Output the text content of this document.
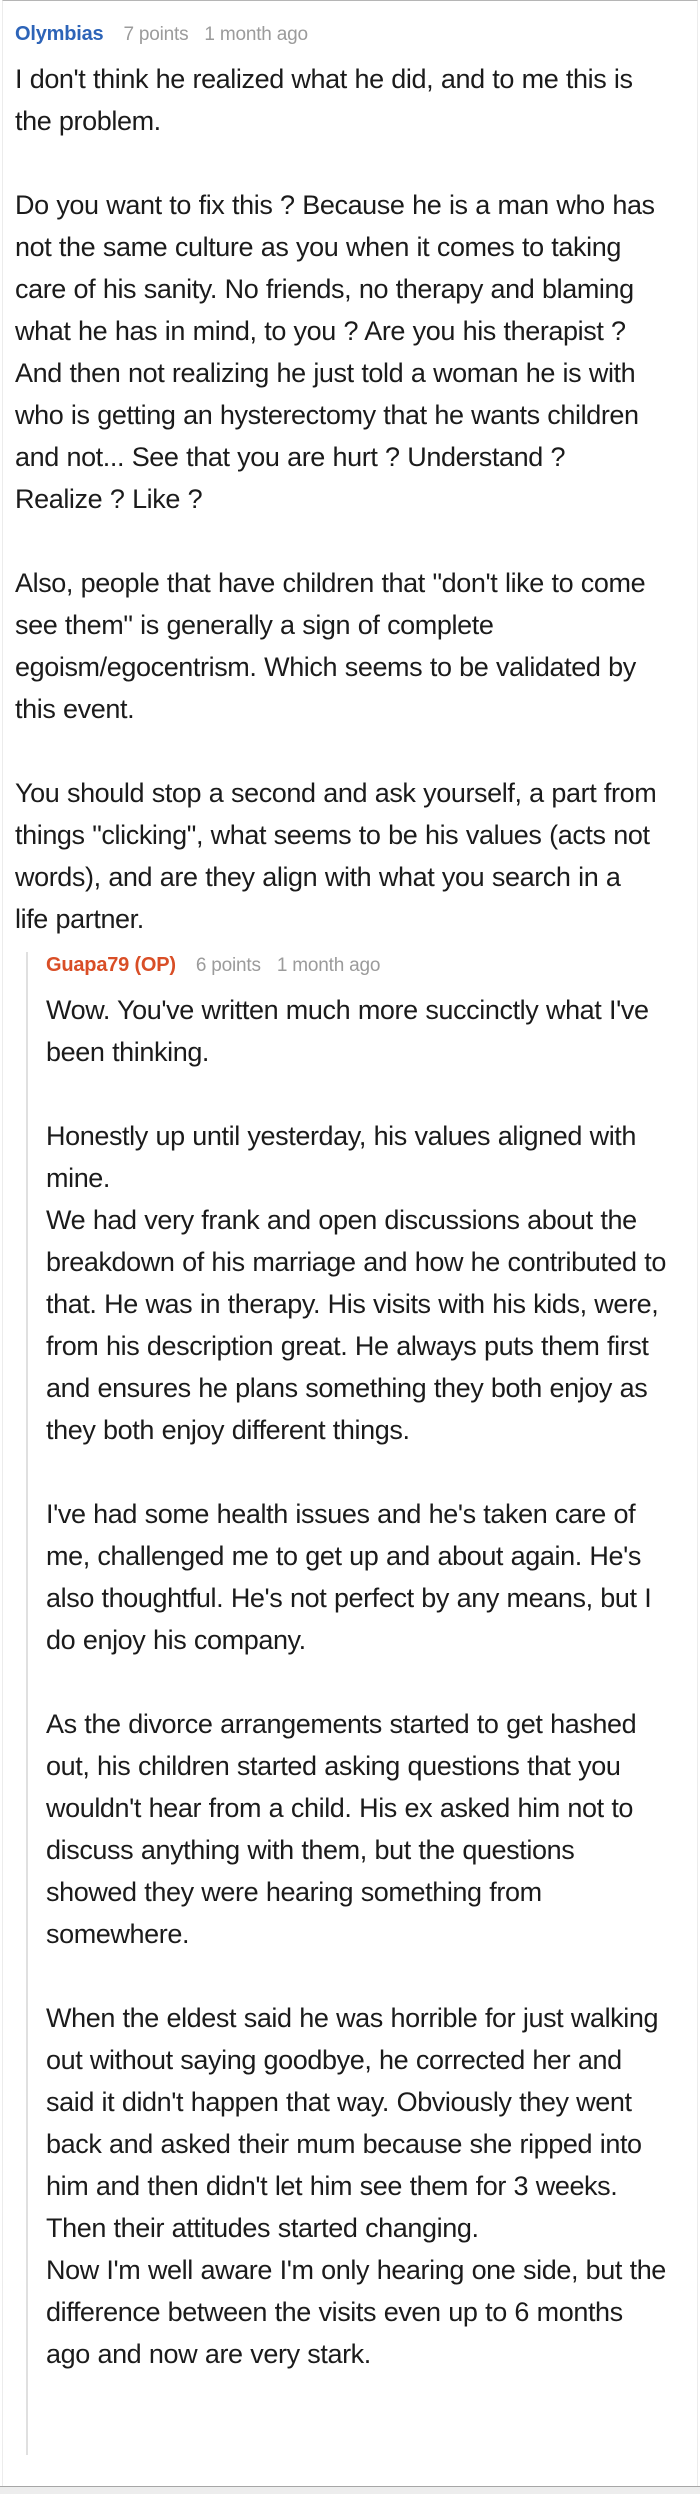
Olymbias 7 points 1 month ago

I don't think he realized what he did, and to me this is the problem.

Do you want to fix this ? Because he is a man who has not the same culture as you when it comes to taking care of his sanity. No friends, no therapy and blaming what he has in mind, to you ? Are you his therapist ? And then not realizing he just told a woman he is with who is getting an hysterectomy that he wants children and not... See that you are hurt ? Understand ? Realize ? Like ?

Also, people that have children that "don't like to come see them" is generally a sign of complete egoism/egocentrism. Which seems to be validated by this event.

You should stop a second and ask yourself, a part from things "clicking", what seems to be his values (acts not words), and are they align with what you search in a life partner.

Guapa79 (OP) 6 points 1 month ago

Wow. You've written much more succinctly what I've been thinking.

Honestly up until yesterday, his values aligned with mine.

We had very frank and open discussions about the breakdown of his marriage and how he contributed to that. He was in therapy. His visits with his kids, were, from his description great. He always puts them first and ensures he plans something they both enjoy as they both enjoy different things.

I've had some health issues and he's taken care of me, challenged me to get up and about again. He's also thoughtful. He's not perfect by any means, but I do enjoy his company.

As the divorce arrangements started to get hashed out, his children started asking questions that you wouldn't hear from a child. His ex asked him not to discuss anything with them, but the questions showed they were hearing something from somewhere.

When the eldest said he was horrible for just walking out without saying goodbye, he corrected her and said it didn't happen that way. Obviously they went back and asked their mum because she ripped into him and then didn't let him see them for 3 weeks. Then their attitudes started changing.

Now I'm well aware I'm only hearing one side, but the difference between the visits even up to 6 months ago and now are very stark.
